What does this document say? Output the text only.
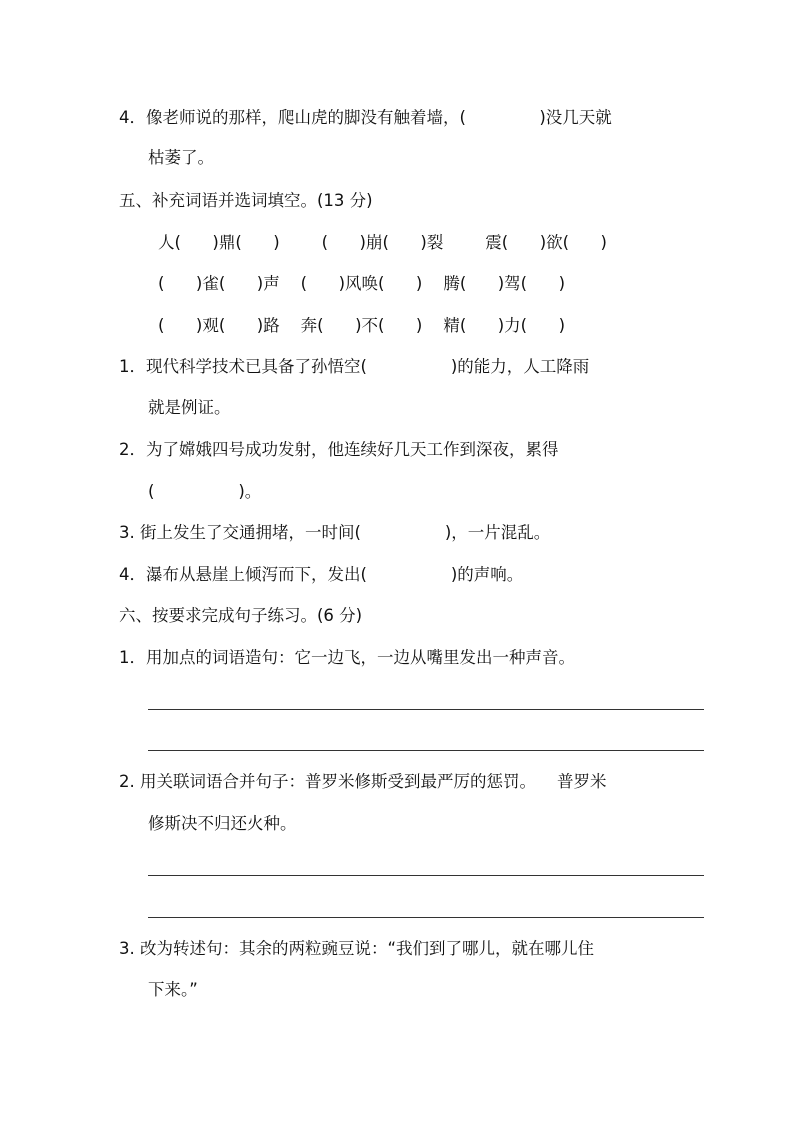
4．像老师说的那样，爬山虎的脚没有触着墙，(              )没几天就
枯萎了。
五、补充词语并选词填空。(13 分)
人(      )鼎(      )        (      )崩(      )裂        震(      )欲(      )
(      )雀(      )声    (      )风唤(      )    腾(      )驾(      )
(      )观(      )路    奔(      )不(      )    精(      )力(      )
1．现代科学技术已具备了孙悟空(                )的能力，人工降雨
就是例证。
2．为了嫦娥四号成功发射，他连续好几天工作到深夜，累得
(                )。
3. 街上发生了交通拥堵，一时间(                )，一片混乱。
4．瀑布从悬崖上倾泻而下，发出(                )的声响。
六、按要求完成句子练习。(6 分)
1．用加点的词语造句：它一边飞，一边从嘴里发出一种声音。
2. 用关联词语合并句子：普罗米修斯受到最严厉的惩罚。    普罗米
修斯决不归还火种。
3. 改为转述句：其余的两粒豌豆说：“我们到了哪儿，就在哪儿住
下来。”
